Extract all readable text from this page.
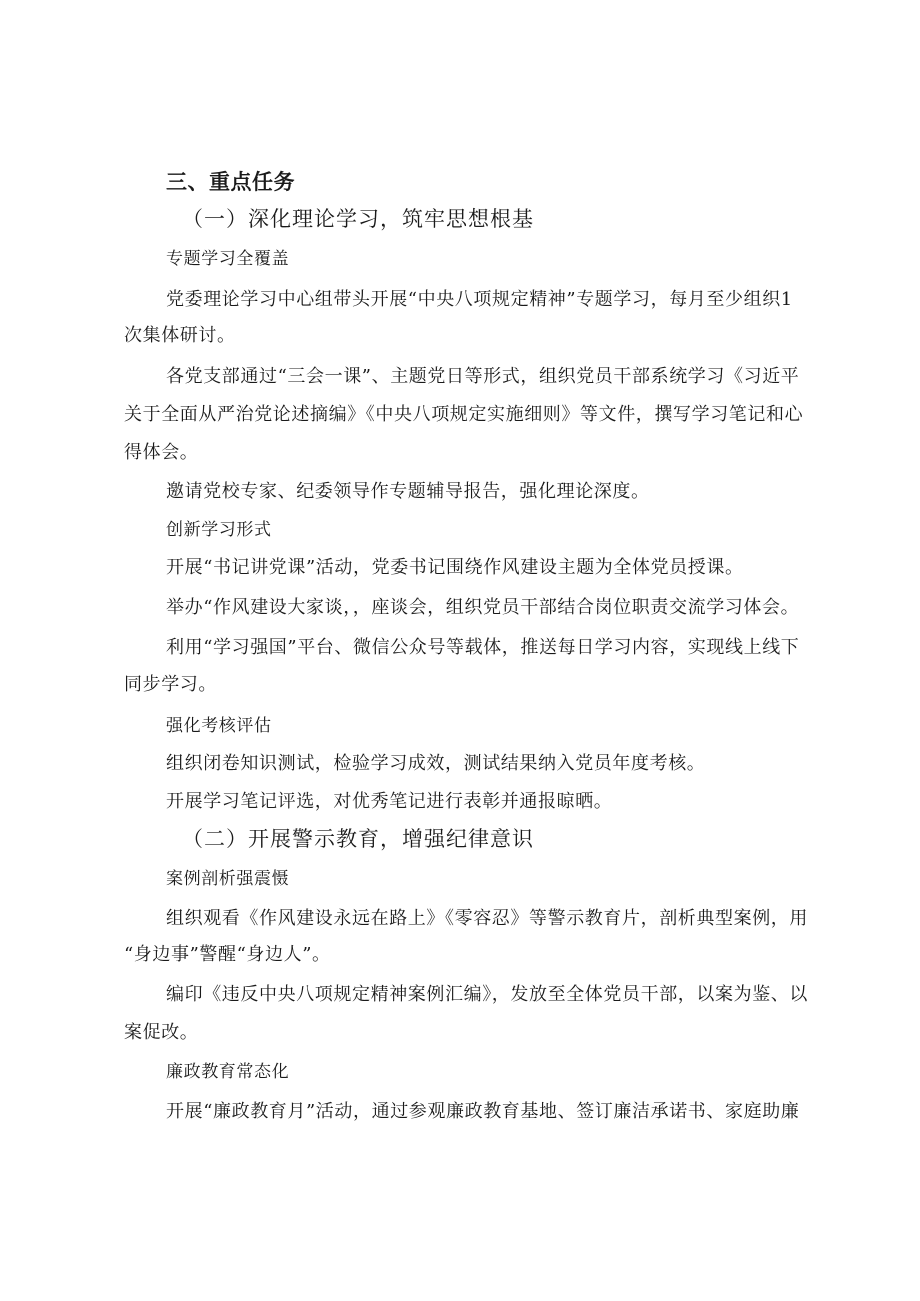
三、重点任务
（一）深化理论学习，筑牢思想根基
专题学习全覆盖
党委理论学习中心组带头开展“中央八项规定精神”专题学习，每月至少组织1
次集体研讨。
各党支部通过“三会一课”、主题党日等形式，组织党员干部系统学习《习近平
关于全面从严治党论述摘编》《中央八项规定实施细则》等文件，撰写学习笔记和心
得体会。
邀请党校专家、纪委领导作专题辅导报告，强化理论深度。
创新学习形式
开展“书记讲党课”活动，党委书记围绕作风建设主题为全体党员授课。
举办“作风建设大家谈，，座谈会，组织党员干部结合岗位职责交流学习体会。
利用“学习强国”平台、微信公众号等载体，推送每日学习内容，实现线上线下
同步学习。
强化考核评估
组织闭卷知识测试，检验学习成效，测试结果纳入党员年度考核。
开展学习笔记评选，对优秀笔记进行表彰并通报晾晒。
（二）开展警示教育，增强纪律意识
案例剖析强震慑
组织观看《作风建设永远在路上》《零容忍》等警示教育片，剖析典型案例，用
“身边事”警醒“身边人”。
编印《违反中央八项规定精神案例汇编》，发放至全体党员干部，以案为鉴、以
案促改。
廉政教育常态化
开展“廉政教育月”活动，通过参观廉政教育基地、签订廉洁承诺书、家庭助廉
